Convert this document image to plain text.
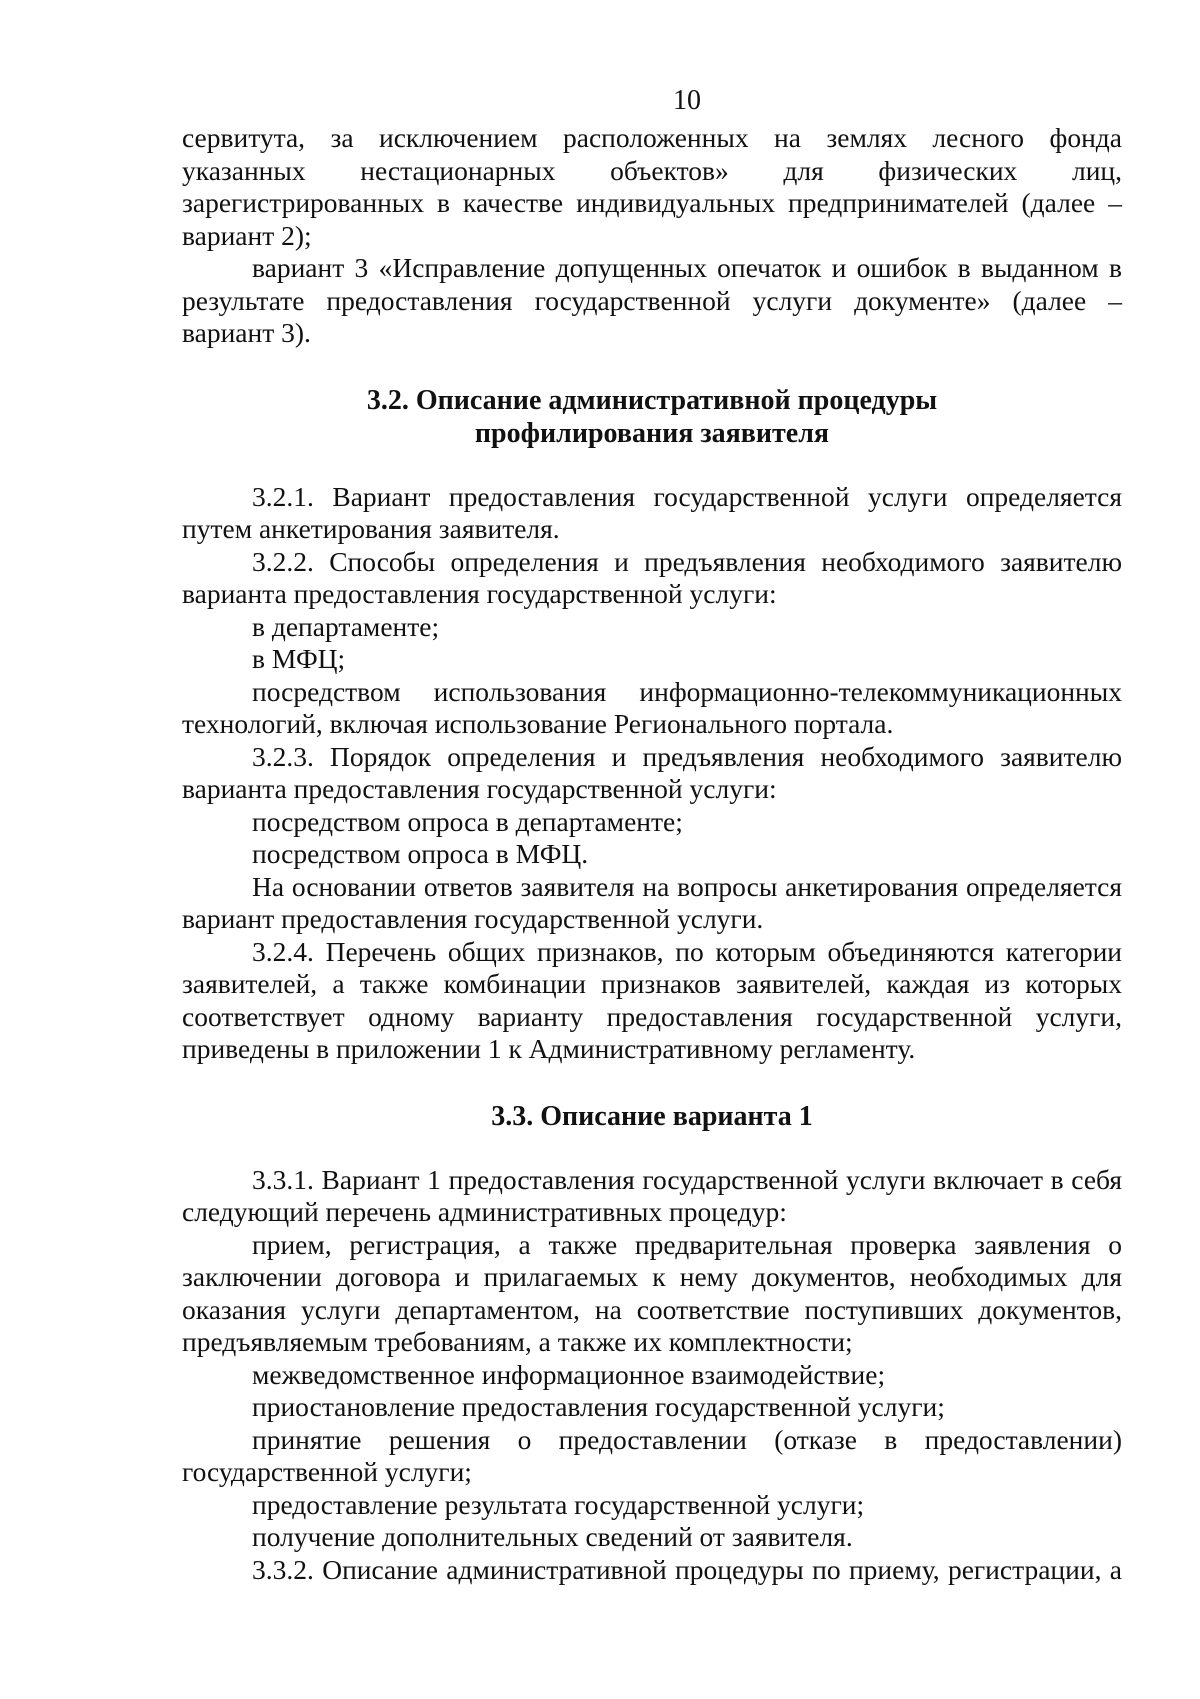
10

сервитута, за исключением расположенных на землях лесного фонда указанных нестационарных объектов» для физических лиц, зарегистрированных в качестве индивидуальных предпринимателей (далее – вариант 2);

вариант 3 «Исправление допущенных опечаток и ошибок в выданном в результате предоставления государственной услуги документе» (далее – вариант 3).

3.2. Описание административной процедуры
профилирования заявителя

3.2.1. Вариант предоставления государственной услуги определяется путем анкетирования заявителя.

3.2.2. Способы определения и предъявления необходимого заявителю варианта предоставления государственной услуги:

в департаменте;

в МФЦ;

посредством использования информационно-телекоммуникационных технологий, включая использование Регионального портала.

3.2.3. Порядок определения и предъявления необходимого заявителю варианта предоставления государственной услуги:

посредством опроса в департаменте;

посредством опроса в МФЦ.

На основании ответов заявителя на вопросы анкетирования определяется вариант предоставления государственной услуги.

3.2.4. Перечень общих признаков, по которым объединяются категории заявителей, а также комбинации признаков заявителей, каждая из которых соответствует одному варианту предоставления государственной услуги, приведены в приложении 1 к Административному регламенту.

3.3. Описание варианта 1

3.3.1. Вариант 1 предоставления государственной услуги включает в себя следующий перечень административных процедур:

прием, регистрация, а также предварительная проверка заявления о заключении договора и прилагаемых к нему документов, необходимых для оказания услуги департаментом, на соответствие поступивших документов, предъявляемым требованиям, а также их комплектности;

межведомственное информационное взаимодействие;

приостановление предоставления государственной услуги;

принятие решения о предоставлении (отказе в предоставлении) государственной услуги;

предоставление результата государственной услуги;

получение дополнительных сведений от заявителя.

3.3.2. Описание административной процедуры по приему, регистрации, а
